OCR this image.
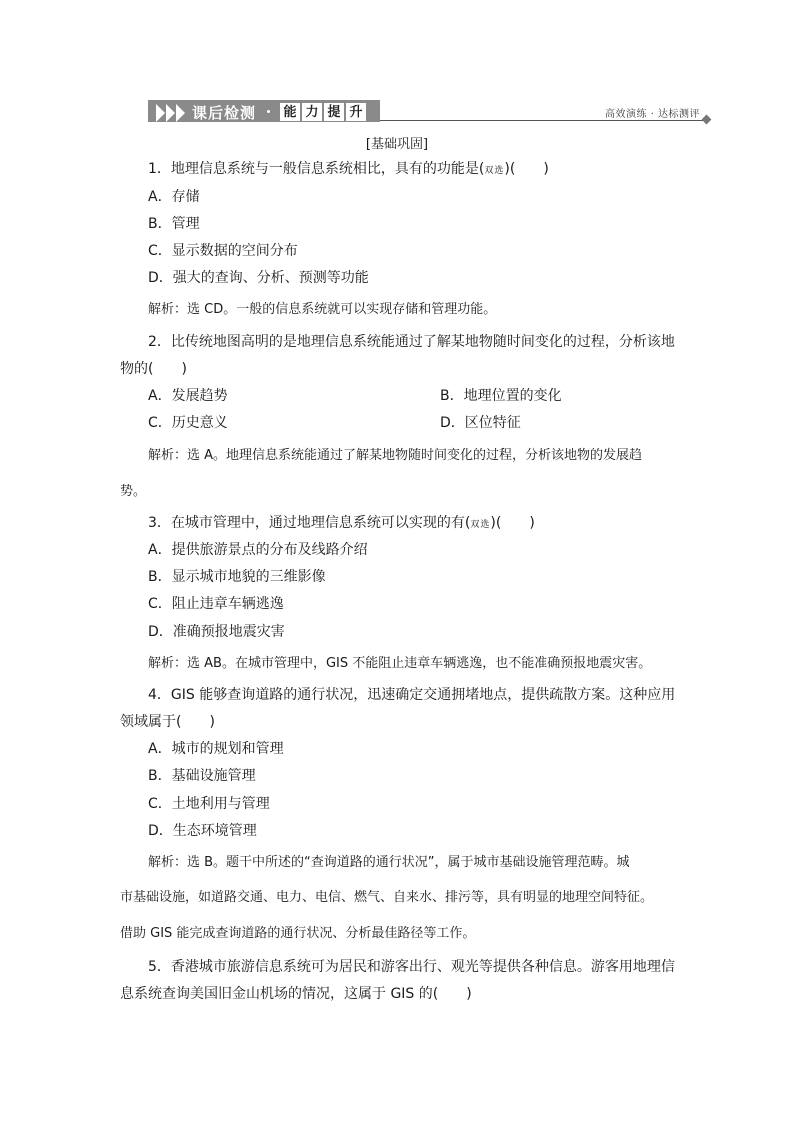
课后检测 能 力 提 升	高效演练 · 达标测评
[基础巩固]
1．地理信息系统与一般信息系统相比，具有的功能是(双选)(　　)
A．存储
B．管理
C．显示数据的空间分布
D．强大的查询、分析、预测等功能
解析：选 CD。一般的信息系统就可以实现存储和管理功能。
2．比传统地图高明的是地理信息系统能通过了解某地物随时间变化的过程，分析该地
物的(　　)
A．发展趋势	B．地理位置的变化
C．历史意义	D．区位特征
解析：选 A。地理信息系统能通过了解某地物随时间变化的过程，分析该地物的发展趋
势。
3．在城市管理中，通过地理信息系统可以实现的有(双选)(　　)
A．提供旅游景点的分布及线路介绍
B．显示城市地貌的三维影像
C．阻止违章车辆逃逸
D．准确预报地震灾害
解析：选 AB。在城市管理中，GIS 不能阻止违章车辆逃逸，也不能准确预报地震灾害。
4．GIS 能够查询道路的通行状况，迅速确定交通拥堵地点，提供疏散方案。这种应用
领域属于(　　)
A．城市的规划和管理
B．基础设施管理
C．土地利用与管理
D．生态环境管理
解析：选 B。题干中所述的“查询道路的通行状况”，属于城市基础设施管理范畴。城
市基础设施，如道路交通、电力、电信、燃气、自来水、排污等，具有明显的地理空间特征。
借助 GIS 能完成查询道路的通行状况、分析最佳路径等工作。
5．香港城市旅游信息系统可为居民和游客出行、观光等提供各种信息。游客用地理信
息系统查询美国旧金山机场的情况，这属于 GIS 的(　　)
